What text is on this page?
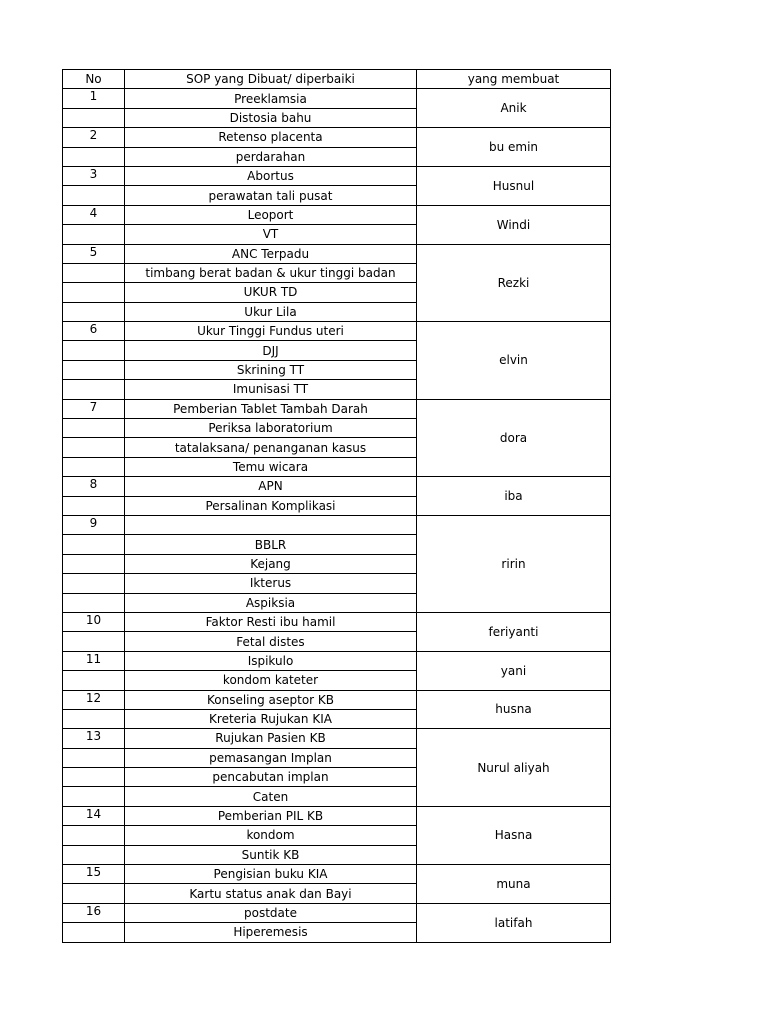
No	SOP yang Dibuat/ diperbaiki	yang membuat
1	Preeklamsia	Anik
	Distosia bahu	
2	Retenso placenta	bu emin
	perdarahan	
3	Abortus	Husnul
	perawatan tali pusat	
4	Leoport	Windi
	VT	
5	ANC Terpadu	Rezki
	timbang berat badan & ukur tinggi badan	
	UKUR TD	
	Ukur Lila	
6	Ukur Tinggi Fundus uteri	elvin
	DJJ	
	Skrining TT	
	Imunisasi TT	
7	Pemberian Tablet Tambah Darah	dora
	Periksa laboratorium	
	tatalaksana/ penanganan kasus	
	Temu wicara	
8	APN	iba
	Persalinan Komplikasi	
9		ririn
	BBLR	
	Kejang	
	Ikterus	
	Aspiksia	
10	Faktor Resti ibu hamil	feriyanti
	Fetal distes	
11	Ispikulo	yani
	kondom kateter	
12	Konseling aseptor KB	husna
	Kreteria Rujukan KIA	
13	Rujukan Pasien KB	Nurul aliyah
	pemasangan Implan	
	pencabutan implan	
	Caten	
14	Pemberian PIL KB	Hasna
	kondom	
	Suntik KB	
15	Pengisian buku KIA	muna
	Kartu status anak dan Bayi	
16	postdate	latifah
	Hiperemesis	
